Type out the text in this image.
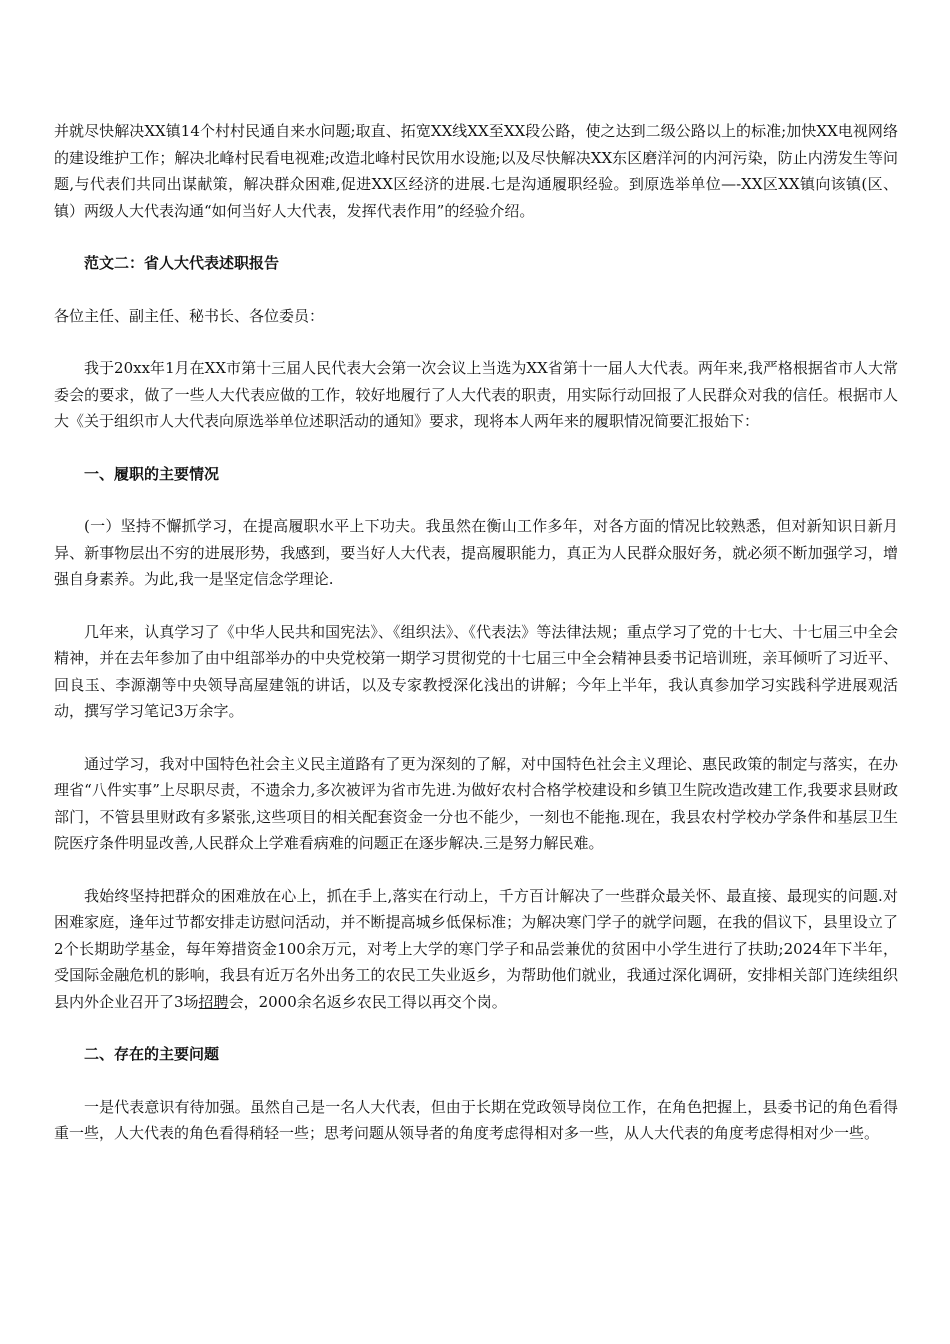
并就尽快解决XX镇14个村村民通自来水问题;取直、拓宽XX线XX至XX段公路，使之达到二级公路以上的标准;加快XX电视网络的建设维护工作；解决北峰村民看电视难;改造北峰村民饮用水设施;以及尽快解决XX东区磨洋河的内河污染，防止内涝发生等问题,与代表们共同出谋献策，解决群众困难,促进XX区经济的进展.七是沟通履职经验。到原选举单位—-XX区XX镇向该镇(区、镇）两级人大代表沟通“如何当好人大代表，发挥代表作用”的经验介绍。

范文二：省人大代表述职报告

各位主任、副主任、秘书长、各位委员：

我于20xx年1月在XX市第十三届人民代表大会第一次会议上当选为XX省第十一届人大代表。两年来,我严格根据省市人大常委会的要求，做了一些人大代表应做的工作，较好地履行了人大代表的职责，用实际行动回报了人民群众对我的信任。根据市人大《关于组织市人大代表向原选举单位述职活动的通知》要求，现将本人两年来的履职情况简要汇报始下：

一、履职的主要情况

(一）坚持不懈抓学习，在提高履职水平上下功夫。我虽然在衡山工作多年，对各方面的情况比较熟悉，但对新知识日新月异、新事物层出不穷的进展形势，我感到，要当好人大代表，提高履职能力，真正为人民群众服好务，就必须不断加强学习，增强自身素养。为此,我一是坚定信念学理论.

几年来，认真学习了《中华人民共和国宪法》、《组织法》、《代表法》等法律法规；重点学习了党的十七大、十七届三中全会精神，并在去年参加了由中组部举办的中央党校第一期学习贯彻党的十七届三中全会精神县委书记培训班，亲耳倾听了习近平、回良玉、李源潮等中央领导高屋建瓴的讲话，以及专家教授深化浅出的讲解；今年上半年，我认真参加学习实践科学进展观活动，撰写学习笔记3万余字。

通过学习，我对中国特色社会主义民主道路有了更为深刻的了解，对中国特色社会主义理论、惠民政策的制定与落实，在办理省“八件实事”上尽职尽责，不遗余力,多次被评为省市先进.为做好农村合格学校建设和乡镇卫生院改造改建工作,我要求县财政部门，不管县里财政有多紧张,这些项目的相关配套资金一分也不能少，一刻也不能拖.现在，我县农村学校办学条件和基层卫生院医疗条件明显改善,人民群众上学难看病难的问题正在逐步解决.三是努力解民难。

我始终坚持把群众的困难放在心上，抓在手上,落实在行动上，千方百计解决了一些群众最关怀、最直接、最现实的问题.对困难家庭，逢年过节都安排走访慰问活动，并不断提高城乡低保标准；为解决寒门学子的就学问题，在我的倡议下，县里设立了2个长期助学基金，每年筹措资金100余万元，对考上大学的寒门学子和品尝兼优的贫困中小学生进行了扶助;2024年下半年，受国际金融危机的影响，我县有近万名外出务工的农民工失业返乡，为帮助他们就业，我通过深化调研，安排相关部门连续组织县内外企业召开了3场招聘会，2000余名返乡农民工得以再交个岗。

二、存在的主要问题

一是代表意识有待加强。虽然自己是一名人大代表，但由于长期在党政领导岗位工作，在角色把握上，县委书记的角色看得重一些，人大代表的角色看得稍轻一些；思考问题从领导者的角度考虑得相对多一些，从人大代表的角度考虑得相对少一些。
